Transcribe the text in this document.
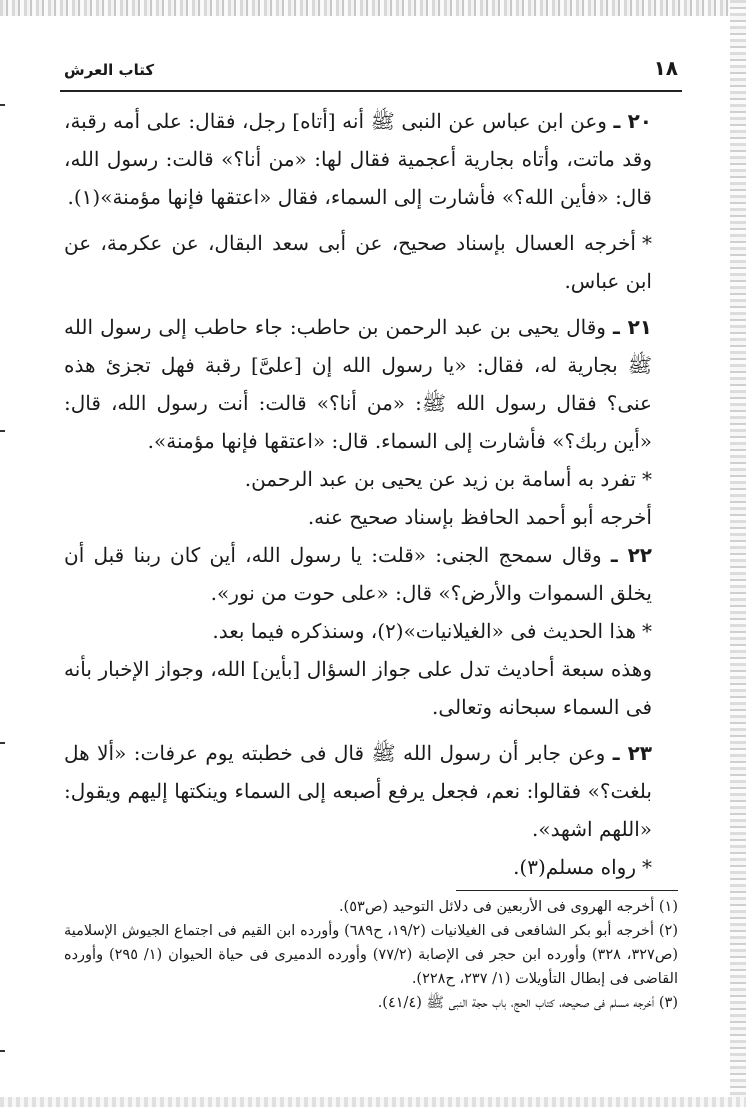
١٨
كتاب العرش

٢٠ ـ وعن ابن عباس عن النبى ﷺ أنه [أتاه] رجل، فقال: على أمه رقبة، وقد ماتت، وأتاه بجارية أعجمية فقال لها: «من أنا؟» قالت: رسول الله، قال: «فأين الله؟» فأشارت إلى السماء، فقال «اعتقها فإنها مؤمنة»(١).

*أخرجه العسال بإسناد صحيح، عن أبى سعد البقال، عن عكرمة، عن ابن عباس.

٢١ ـ وقال يحيى بن عبد الرحمن بن حاطب: جاء حاطب إلى رسول الله ﷺ بجارية له، فقال: «يا رسول الله إن [علىَّ] رقبة فهل تجزئ هذه عنى؟ فقال رسول الله ﷺ: «من أنا؟» قالت: أنت رسول الله، قال: «أين ربك؟» فأشارت إلى السماء. قال: «اعتقها فإنها مؤمنة».

*تفرد به أسامة بن زيد عن يحيى بن عبد الرحمن.

أخرجه أبو أحمد الحافظ بإسناد صحيح عنه.

٢٢ ـ وقال سمحج الجنى: «قلت: يا رسول الله، أين كان ربنا قبل أن يخلق السموات والأرض؟» قال: «على حوت من نور».

*هذا الحديث فى «الغيلانيات»(٢)، وسنذكره فيما بعد.

وهذه سبعة أحاديث تدل على جواز السؤال [بأين] الله، وجواز الإخبار بأنه فى السماء سبحانه وتعالى.

٢٣ ـ وعن جابر أن رسول الله ﷺ قال فى خطبته يوم عرفات: «ألا هل بلغت؟» فقالوا: نعم، فجعل يرفع أصبعه إلى السماء وينكتها إليهم ويقول: «اللهم اشهد».

*رواه مسلم(٣).

(١) أخرجه الهروى فى الأربعين فى دلائل التوحيد (ص٥٣).

(٢) أخرجه أبو بكر الشافعى فى الغيلانيات (١٩/٢، ح٦٨٩) وأورده ابن القيم فى اجتماع الجيوش الإسلامية (ص٣٢٧، ٣٢٨) وأورده ابن حجر فى الإصابة (٧٧/٢) وأورده الدميرى فى حياة الحيوان (١/ ٢٩٥) وأورده القاضى فى إبطال التأويلات (١/ ٢٣٧، ح٢٢٨).

(٣) أخرجه مسلم فى صحيحه، كتاب الحج، باب حجة النبى ﷺ (٤١/٤).
